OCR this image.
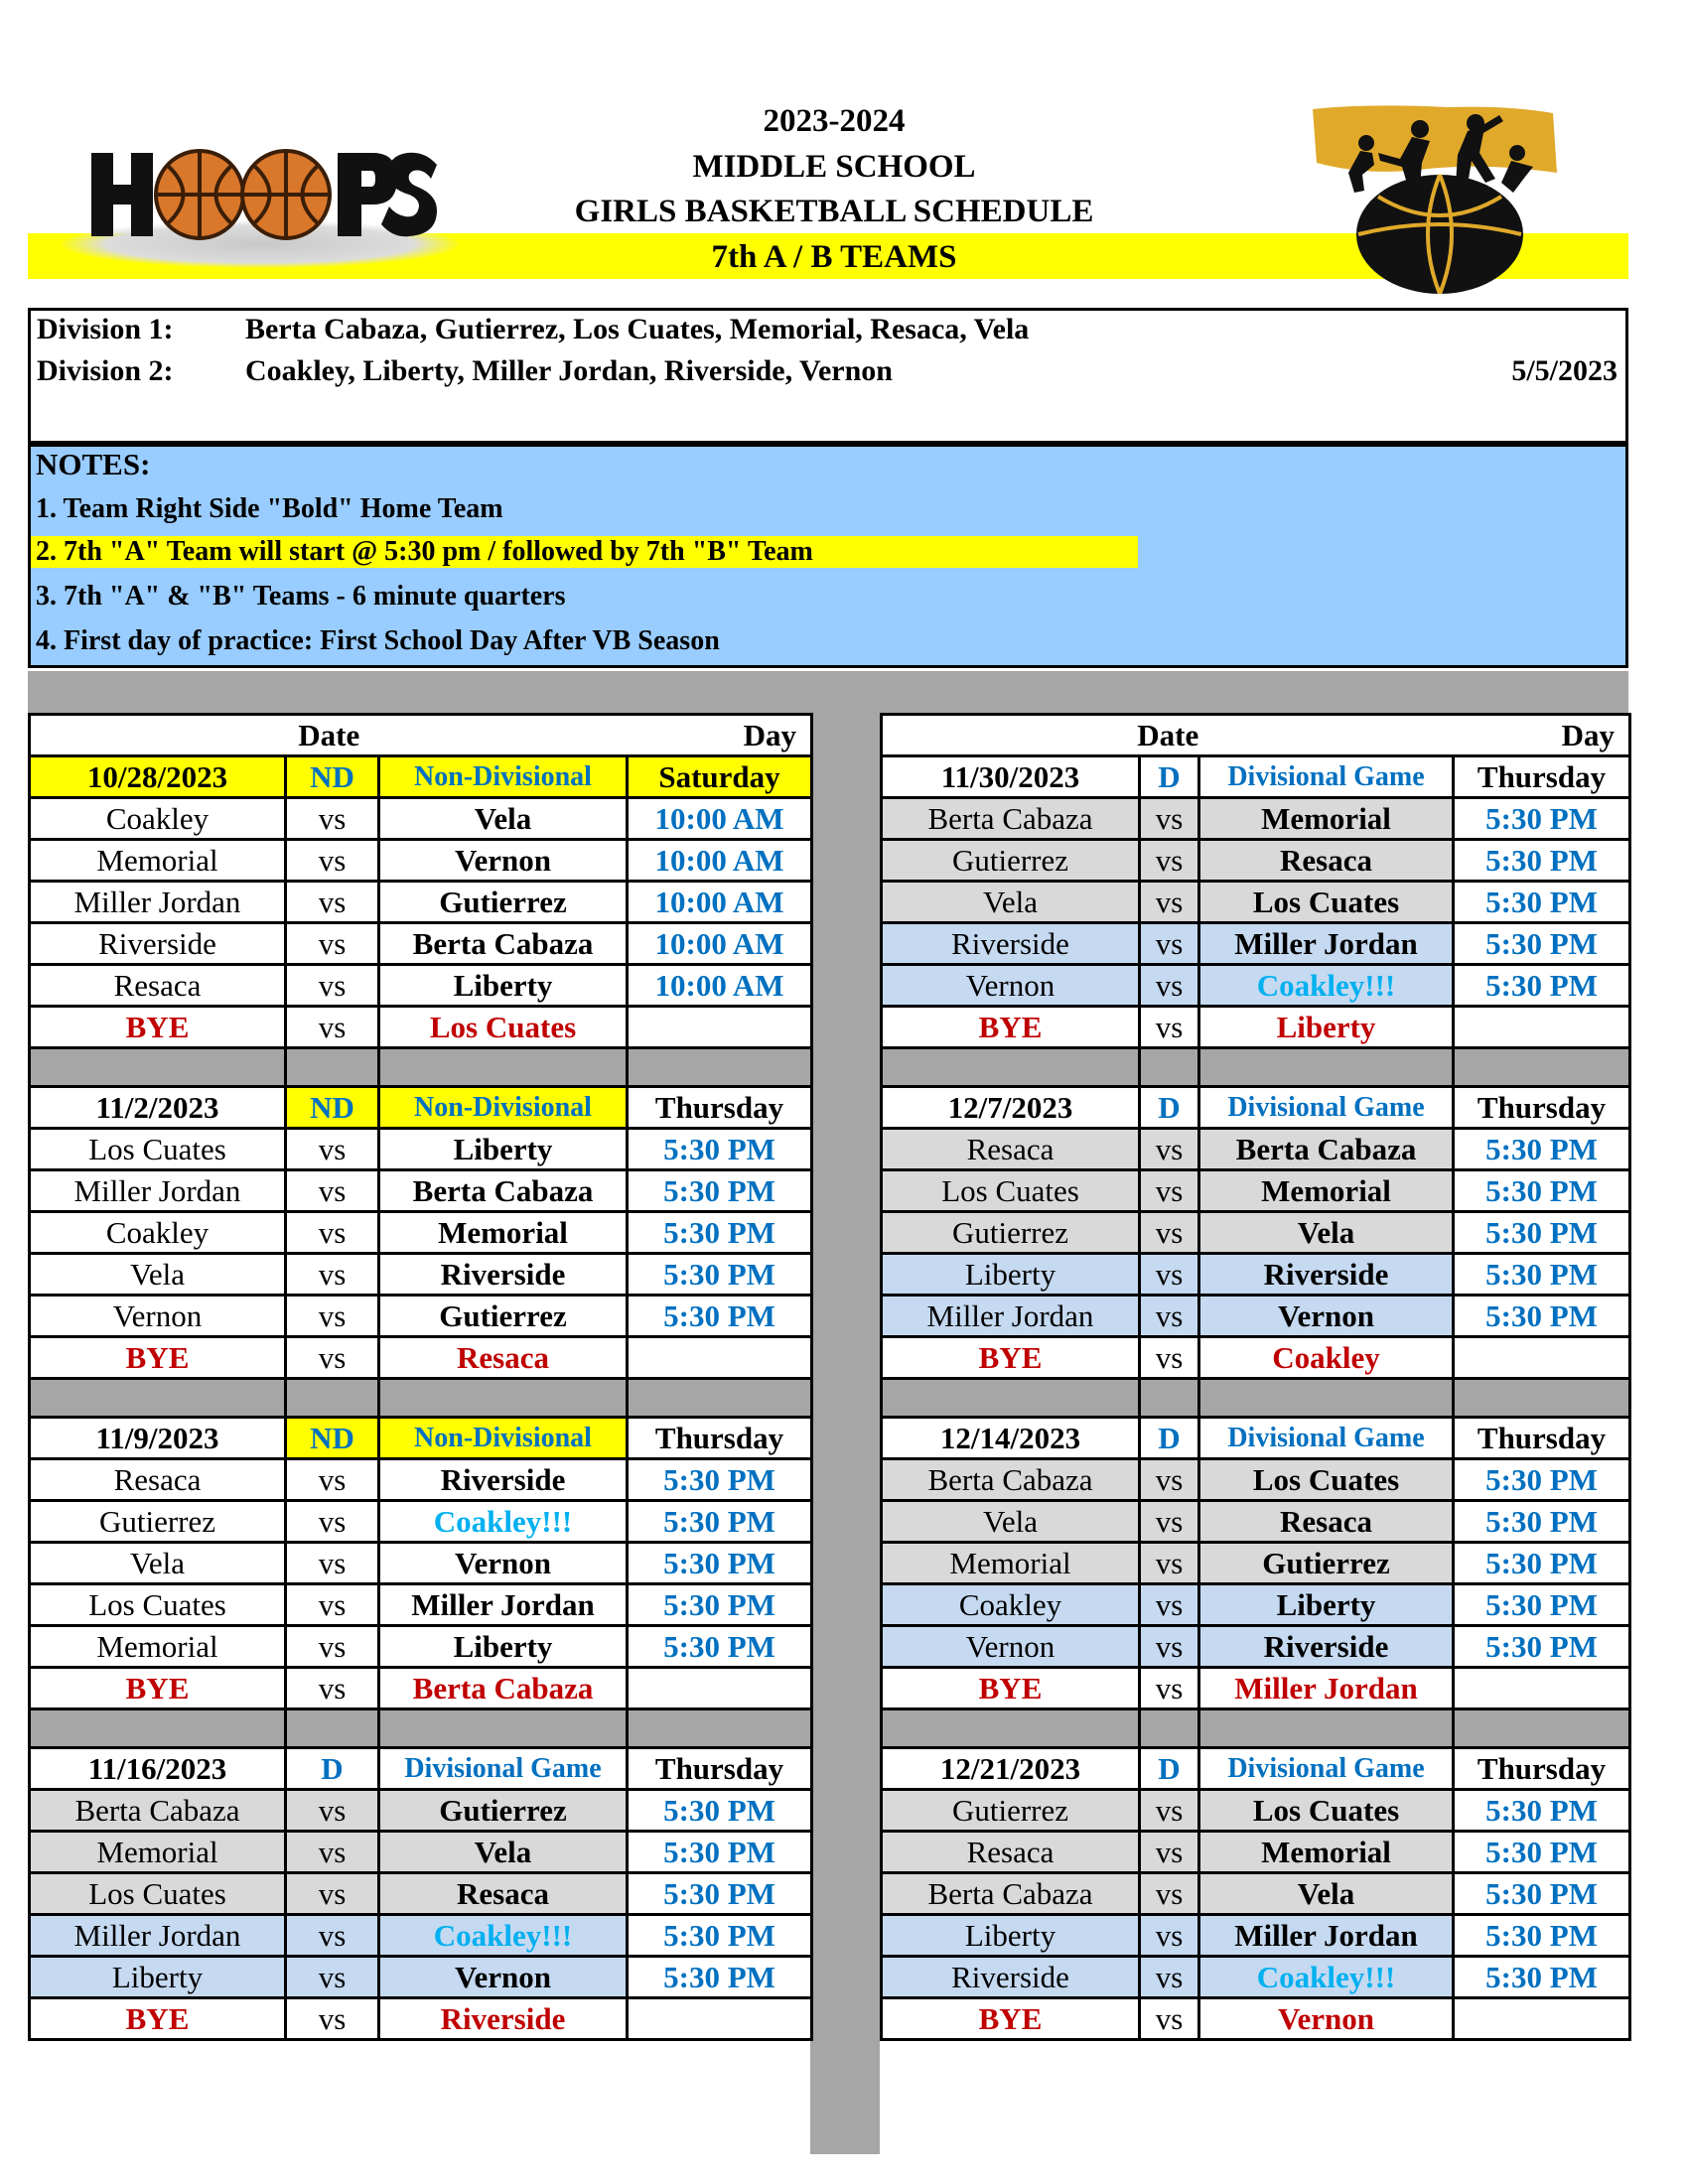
2023-2024
MIDDLE SCHOOL
GIRLS BASKETBALL SCHEDULE
7th A / B TEAMS
Division 1: Berta Cabaza, Gutierrez, Los Cuates, Memorial, Resaca, Vela
Division 2: Coakley, Liberty, Miller Jordan, Riverside, Vernon	5/5/2023
NOTES:
1. Team Right Side "Bold" Home Team
2. 7th "A" Team will start @ 5:30 pm / followed by 7th "B" Team
3. 7th "A" & "B" Teams - 6 minute quarters
4. First day of practice: First School Day After VB Season
Date			Day
10/28/2023	ND	Non-Divisional	Saturday
Coakley	vs	Vela	10:00 AM
Memorial	vs	Vernon	10:00 AM
Miller Jordan	vs	Gutierrez	10:00 AM
Riverside	vs	Berta Cabaza	10:00 AM
Resaca	vs	Liberty	10:00 AM
BYE	vs	Los Cuates	

11/2/2023	ND	Non-Divisional	Thursday
Los Cuates	vs	Liberty	5:30 PM
Miller Jordan	vs	Berta Cabaza	5:30 PM
Coakley	vs	Memorial	5:30 PM
Vela	vs	Riverside	5:30 PM
Vernon	vs	Gutierrez	5:30 PM
BYE	vs	Resaca	

11/9/2023	ND	Non-Divisional	Thursday
Resaca	vs	Riverside	5:30 PM
Gutierrez	vs	Coakley!!!	5:30 PM
Vela	vs	Vernon	5:30 PM
Los Cuates	vs	Miller Jordan	5:30 PM
Memorial	vs	Liberty	5:30 PM
BYE	vs	Berta Cabaza	

11/16/2023	D	Divisional Game	Thursday
Berta Cabaza	vs	Gutierrez	5:30 PM
Memorial	vs	Vela	5:30 PM
Los Cuates	vs	Resaca	5:30 PM
Miller Jordan	vs	Coakley!!!	5:30 PM
Liberty	vs	Vernon	5:30 PM
BYE	vs	Riverside	
Date			Day
11/30/2023	D	Divisional Game	Thursday
Berta Cabaza	vs	Memorial	5:30 PM
Gutierrez	vs	Resaca	5:30 PM
Vela	vs	Los Cuates	5:30 PM
Riverside	vs	Miller Jordan	5:30 PM
Vernon	vs	Coakley!!!	5:30 PM
BYE	vs	Liberty	

12/7/2023	D	Divisional Game	Thursday
Resaca	vs	Berta Cabaza	5:30 PM
Los Cuates	vs	Memorial	5:30 PM
Gutierrez	vs	Vela	5:30 PM
Liberty	vs	Riverside	5:30 PM
Miller Jordan	vs	Vernon	5:30 PM
BYE	vs	Coakley	

12/14/2023	D	Divisional Game	Thursday
Berta Cabaza	vs	Los Cuates	5:30 PM
Vela	vs	Resaca	5:30 PM
Memorial	vs	Gutierrez	5:30 PM
Coakley	vs	Liberty	5:30 PM
Vernon	vs	Riverside	5:30 PM
BYE	vs	Miller Jordan	

12/21/2023	D	Divisional Game	Thursday
Gutierrez	vs	Los Cuates	5:30 PM
Resaca	vs	Memorial	5:30 PM
Berta Cabaza	vs	Vela	5:30 PM
Liberty	vs	Miller Jordan	5:30 PM
Riverside	vs	Coakley!!!	5:30 PM
BYE	vs	Vernon	
